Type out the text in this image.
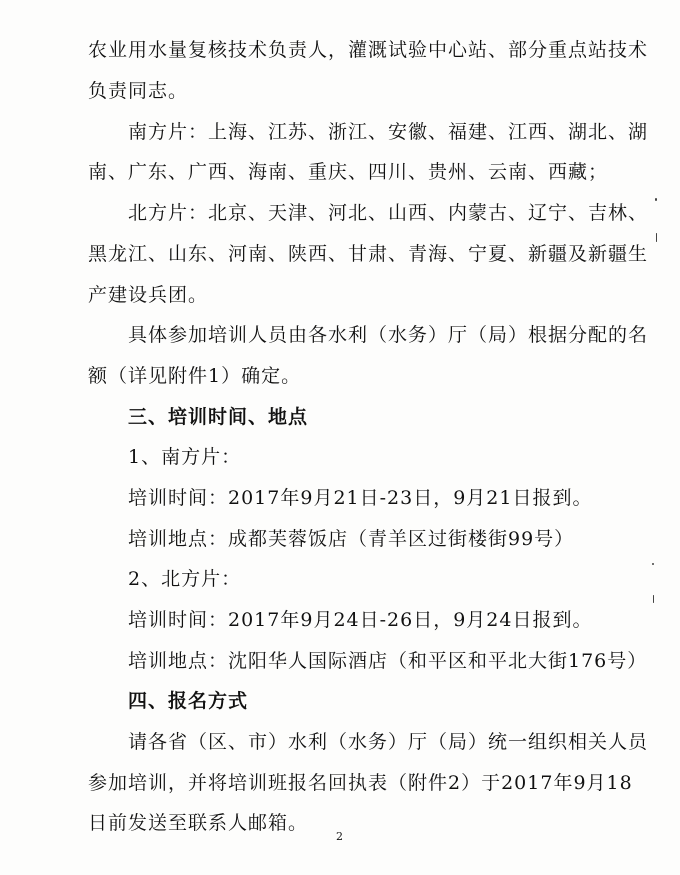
农业用水量复核技术负责人，灌溉试验中心站、部分重点站技术
负责同志。
南方片：上海、江苏、浙江、安徽、福建、江西、湖北、湖
南、广东、广西、海南、重庆、四川、贵州、云南、西藏；
北方片：北京、天津、河北、山西、内蒙古、辽宁、吉林、
黑龙江、山东、河南、陕西、甘肃、青海、宁夏、新疆及新疆生
产建设兵团。
具体参加培训人员由各水利（水务）厅（局）根据分配的名
额（详见附件1）确定。
三、培训时间、地点
1、南方片：
培训时间：2017年9月21日-23日，9月21日报到。
培训地点：成都芙蓉饭店（青羊区过街楼街99号）
2、北方片：
培训时间：2017年9月24日-26日，9月24日报到。
培训地点：沈阳华人国际酒店（和平区和平北大街176号）
四、报名方式
请各省（区、市）水利（水务）厅（局）统一组织相关人员
参加培训，并将培训班报名回执表（附件2）于2017年9月18
日前发送至联系人邮箱。
2
